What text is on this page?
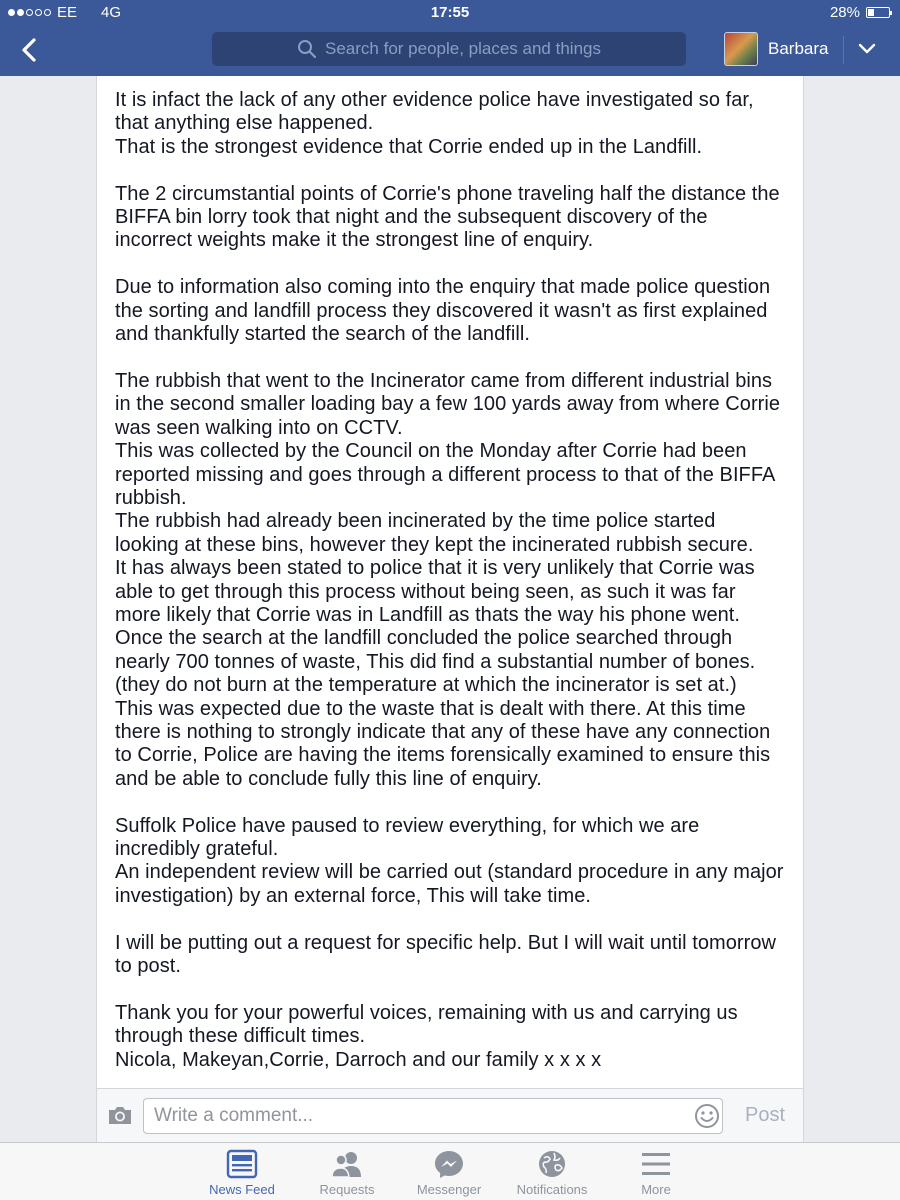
EE 4G	17:55	28%
Search for people, places and things	Barbara
It is infact the lack of any other evidence police have investigated so far,
that anything else happened.
That is the strongest evidence that Corrie ended up in the Landfill.

The 2 circumstantial points of Corrie's phone traveling half the distance the
BIFFA bin lorry took that night and the subsequent discovery of the
incorrect weights make it the strongest line of enquiry.

Due to information also coming into the enquiry that made police question
the sorting and landfill process they discovered it wasn't as first explained
and thankfully started the search of the landfill.

The rubbish that went to the Incinerator came from different industrial bins
in the second smaller loading bay a few 100 yards away from where Corrie
was seen walking into on CCTV.
This was collected by the Council on the Monday after Corrie had been
reported missing and goes through a different process to that of the BIFFA
rubbish.
The rubbish had already been incinerated by the time police started
looking at these bins, however they kept the incinerated rubbish secure.
It has always been stated to police that it is very unlikely that Corrie was
able to get through this process without being seen, as such it was far
more likely that Corrie was in Landfill as thats the way his phone went.
Once the search at the landfill concluded the police searched through
nearly 700 tonnes of waste, This did find a substantial number of bones.
(they do not burn at the temperature at which the incinerator is set at.)
This was expected due to the waste that is dealt with there. At this time
there is nothing to strongly indicate that any of these have any connection
to Corrie, Police are having the items forensically examined to ensure this
and be able to conclude fully this line of enquiry.

Suffolk Police have paused to review everything, for which we are
incredibly grateful.
An independent review will be carried out (standard procedure in any major
investigation) by an external force, This will take time.

I will be putting out a request for specific help. But I will wait until tomorrow
to post.

Thank you for your powerful voices, remaining with us and carrying us
through these difficult times.
Nicola, Makeyan,Corrie, Darroch and our family x x x x
Write a comment...	Post
News Feed	Requests	Messenger	Notifications	More
